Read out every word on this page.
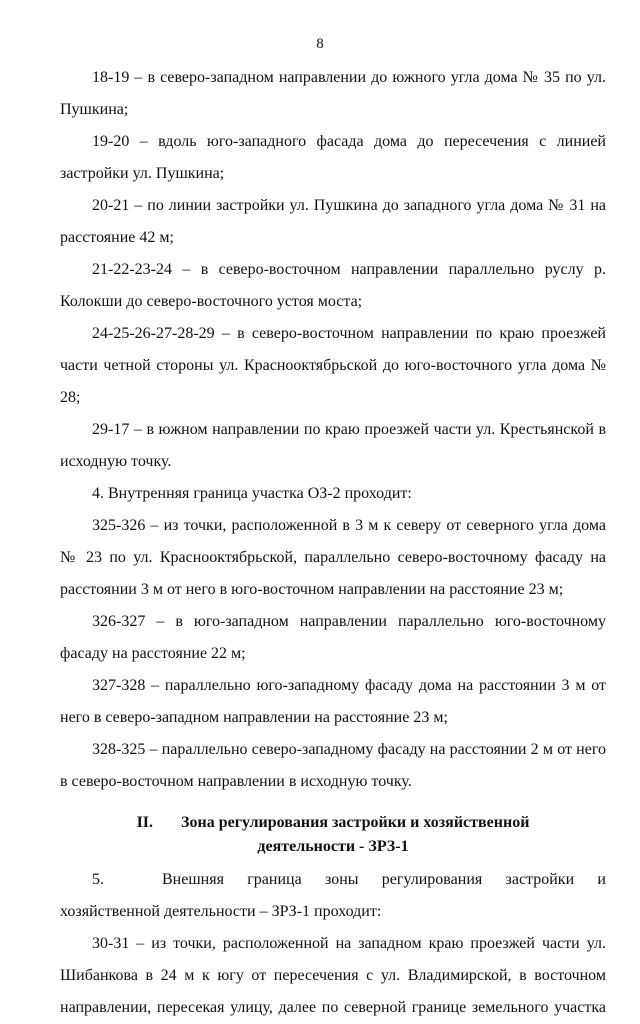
8

18-19 – в северо-западном направлении до южного угла дома № 35 по ул. Пушкина;

19-20 – вдоль юго-западного фасада дома до пересечения с линией застройки ул. Пушкина;

20-21 – по линии застройки ул. Пушкина до западного угла дома № 31 на расстояние 42 м;

21-22-23-24 – в северо-восточном направлении параллельно руслу р. Колокши до северо-восточного устоя моста;

24-25-26-27-28-29 – в северо-восточном направлении по краю проезжей части четной стороны ул. Краснооктябрьской до юго-восточного угла дома № 28;

29-17 – в южном направлении по краю проезжей части ул. Крестьянской в исходную точку.

4. Внутренняя граница участка ОЗ-2 проходит:

325-326 – из точки, расположенной в 3 м к северу от северного угла дома № 23 по ул. Краснооктябрьской, параллельно северо-восточному фасаду на расстоянии 3 м от него в юго-восточном направлении на расстояние 23 м;

326-327 – в юго-западном направлении параллельно юго-восточному фасаду на расстояние 22 м;

327-328 – параллельно юго-западному фасаду дома на расстоянии 3 м от него в северо-западном направлении на расстояние 23 м;

328-325 – параллельно северо-западному фасаду на расстоянии 2 м от него в северо-восточном направлении в исходную точку.

II. Зона регулирования застройки и хозяйственной
деятельности - ЗРЗ-1

5.	Внешняя граница зоны регулирования застройки и хозяйственной деятельности – ЗРЗ-1 проходит:

30-31 – из точки, расположенной на западном краю проезжей части ул. Шибанкова в 24 м к югу от пересечения с ул. Владимирской, в восточном направлении, пересекая улицу, далее по северной границе земельного участка
